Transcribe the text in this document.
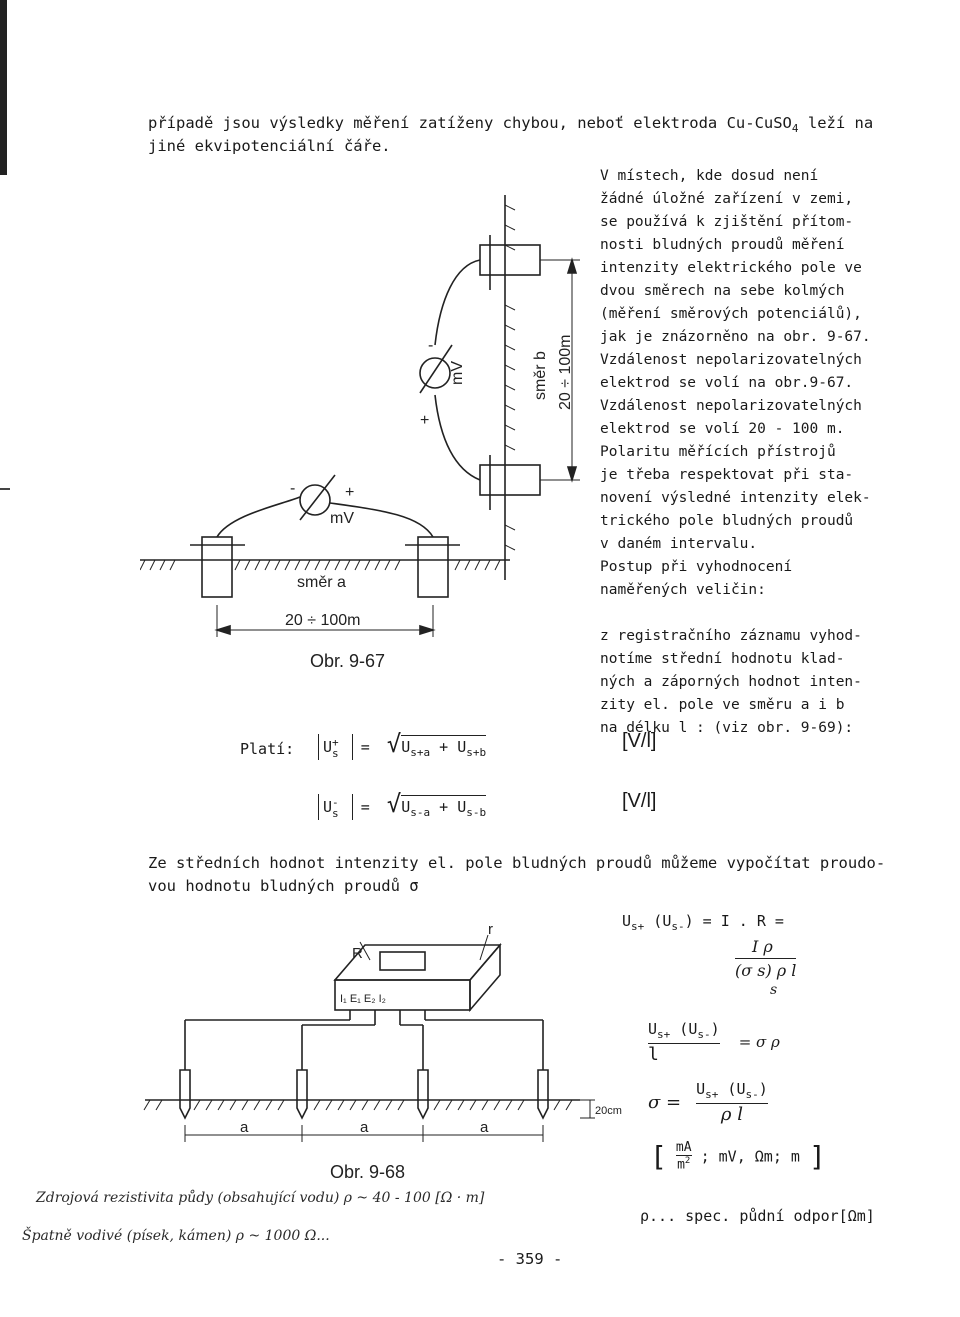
případě jsou výsledky měření zatíženy chybou, neboť elektroda Cu-CuSO$_4$ leží na
jiné ekvipotenciální čáře.
V místech, kde dosud není
žádné úložné zařízení v zemi,
se používá k zjištění přítom-
nosti bludných proudů měření
intenzity elektrického pole ve
dvou směrech na sebe kolmých
(měření směrových potenciálů),
jak je znázorněno na obr. 9-67.
Vzdálenost nepolarizovatelných
elektrod se volí na obr.9-67.
Vzdálenost nepolarizovatelných
elektrod se volí 20 - 100 m.
Polaritu měřících přístrojů
je třeba respektovat při sta-
novení výsledné intenzity elek-
trického pole bludných proudů
v daném intervalu.
Postup při vyhodnocení
naměřených veličin:
z registračního záznamu vyhod-
notíme střední hodnotu klad-
ných a záporných hodnot inten-
zity el. pole ve směru a i b
na délku l : (viz obr. 9-69):
-	+
mV
-
+
mV
směr a
20 ÷ 100m
směr b 20 ÷ 100m
Obr. 9-67
Platí:	U +
$s = √U_{s+a} + U_{s+b}$
[V/l]
U -
$s = √U_{s-a} + U_{s-b}$
[V/l]
Ze středních hodnot intenzity el. pole bludných proudů můžeme vypočítat proudo-
vou hodnotu bludných proudů σ
R
r
I₁ E₁ E₂ I₂
a	a	a
20cm
Obr. 9-68
$U_{s+}$ $(U_{s-}) = I$ . R =
I ρ
(σ s) ρ l
s
$U_{s+}$ $(U_{s-})$
l
= σ ρ
σ =
$U_{s+}$ $(U_{s-})$
ρ l
[ $\frac{mA}{m^2}$ ; mV, Ωm; m ]
ρ... spec. půdní odpor[Ωm]
Zdrojová rezistivita půdy (obsahující vodu) ρ ~ 40 - 100 [Ω · m]
Špatně vodivé (písek, kámen) ρ ~ 1000 Ω...
- 359 -
